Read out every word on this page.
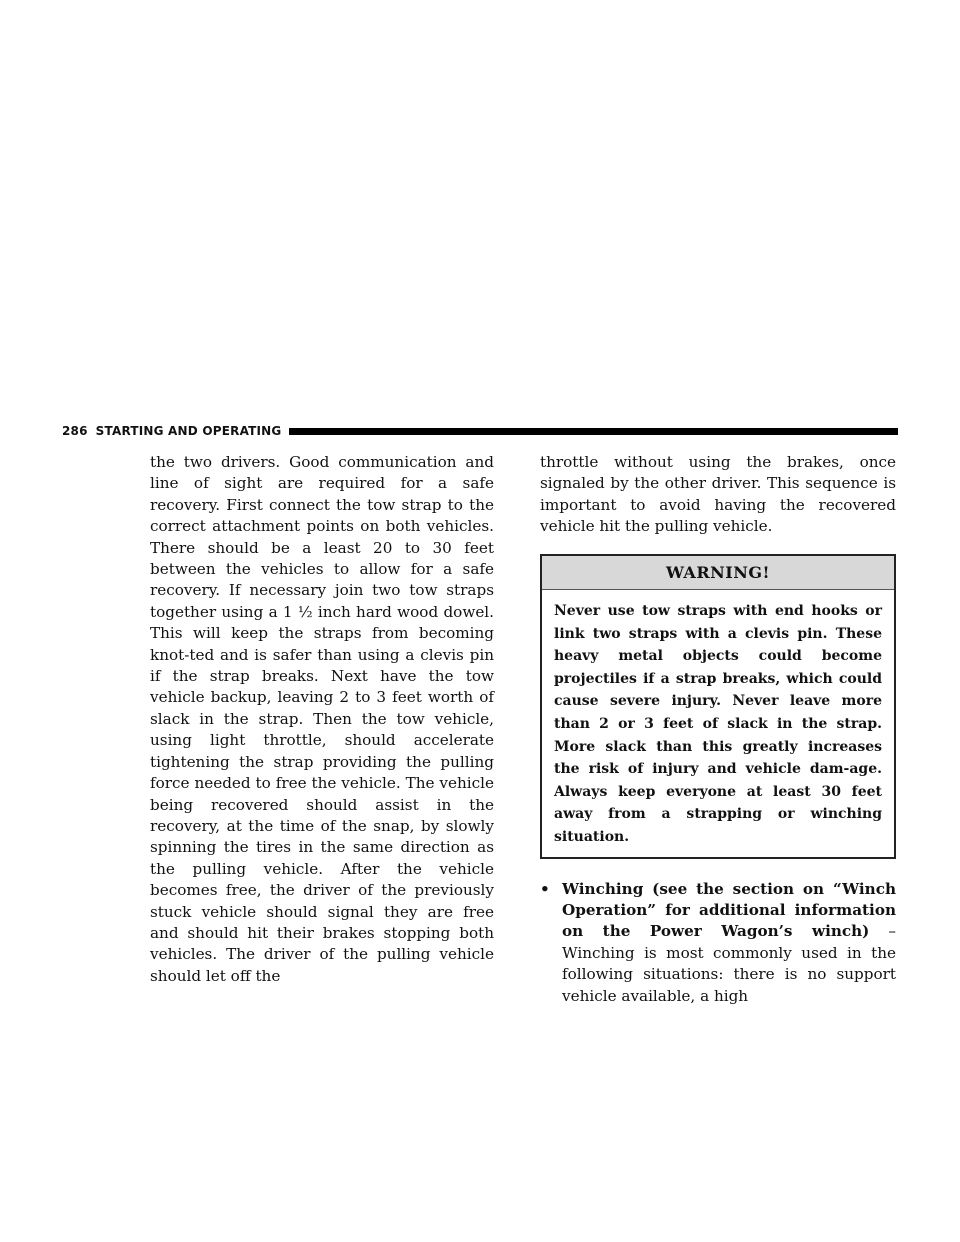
286 STARTING AND OPERATING

the two drivers. Good communication and line of sight are required for a safe recovery. First connect the tow strap to the correct attachment points on both vehicles. There should be a least 20 to 30 feet between the vehicles to allow for a safe recovery. If necessary join two tow straps together using a 1 ½ inch hard wood dowel. This will keep the straps from becoming knot-ted and is safer than using a clevis pin if the strap breaks. Next have the tow vehicle backup, leaving 2 to 3 feet worth of slack in the strap. Then the tow vehicle, using light throttle, should accelerate tightening the strap providing the pulling force needed to free the vehicle. The vehicle being recovered should assist in the recovery, at the time of the snap, by slowly spinning the tires in the same direction as the pulling vehicle. After the vehicle becomes free, the driver of the previously stuck vehicle should signal they are free and should hit their brakes stopping both vehicles. The driver of the pulling vehicle should let off the

throttle without using the brakes, once signaled by the other driver. This sequence is important to avoid having the recovered vehicle hit the pulling vehicle.

WARNING!
Never use tow straps with end hooks or link two straps with a clevis pin. These heavy metal objects could become projectiles if a strap breaks, which could cause severe injury. Never leave more than 2 or 3 feet of slack in the strap. More slack than this greatly increases the risk of injury and vehicle dam-age. Always keep everyone at least 30 feet away from a strapping or winching situation.
• Winching (see the section on “Winch Operation” for additional information on the Power Wagon’s winch) – Winching is most commonly used in the following situations: there is no support vehicle available, a high
